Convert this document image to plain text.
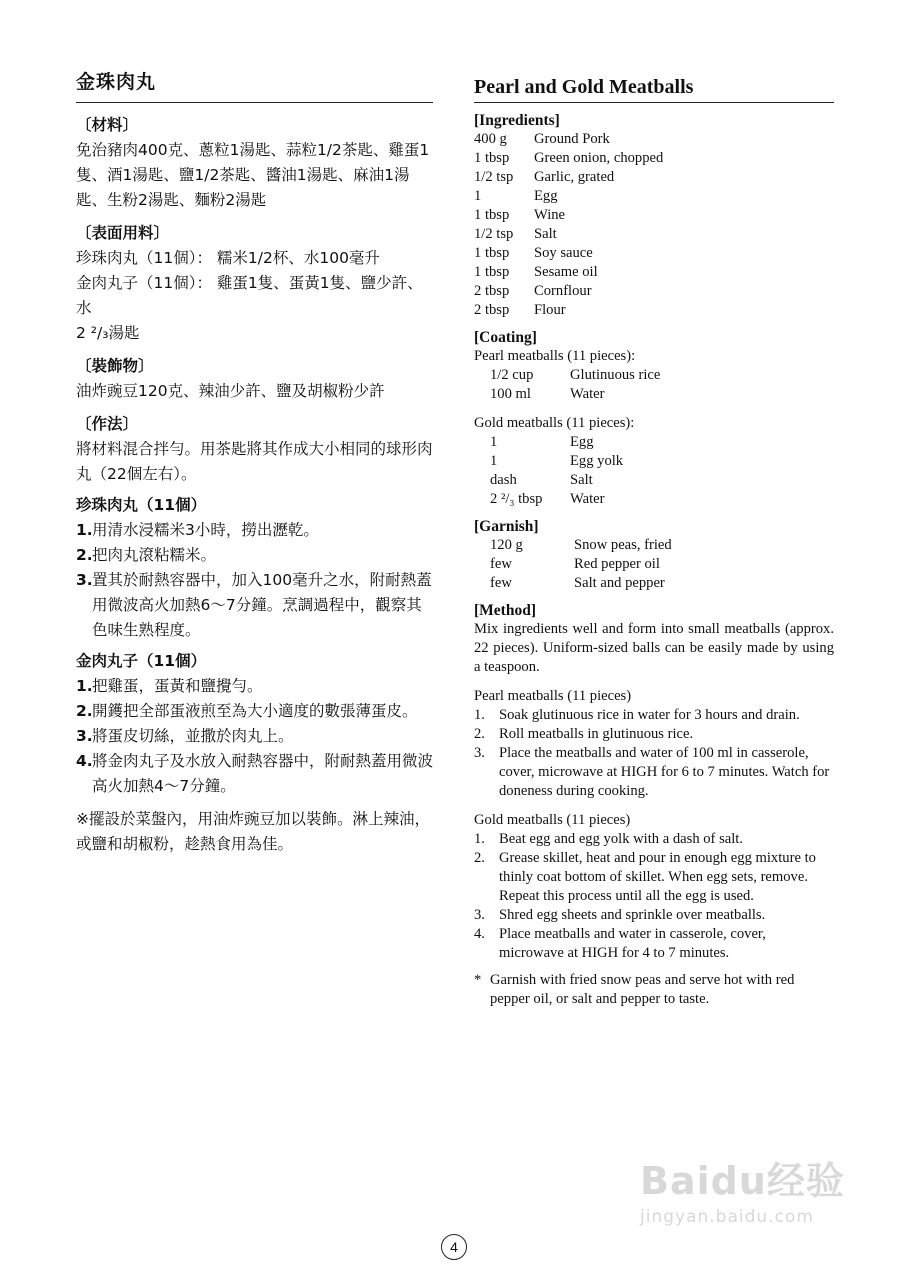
金珠肉丸
〔材料〕

免治豬肉400克、蔥粒1湯匙、蒜粒1/2茶匙、雞蛋1隻、酒1湯匙、鹽1/2茶匙、醬油1湯匙、麻油1湯匙、生粉2湯匙、麵粉2湯匙

〔表面用料〕
珍珠肉丸（11個）： 糯米1/2杯、水100毫升
金肉丸子（11個）： 雞蛋1隻、蛋黃1隻、鹽少許、水
2 ²/₃湯匙
〔裝飾物〕
油炸豌豆120克、辣油少許、鹽及胡椒粉少許
〔作法〕

將材料混合拌勻。用茶匙將其作成大小相同的球形肉丸（22個左右）。

珍珠肉丸（11個）
1. 用清水浸糯米3小時，撈出瀝乾。
2. 把肉丸滾粘糯米。
3. 置其於耐熱容器中，加入100毫升之水，附耐熱蓋用微波高火加熱6～7分鐘。烹調過程中，觀察其色味生熟程度。
金肉丸子（11個）
1. 把雞蛋，蛋黃和鹽攪勻。
2. 開鑊把全部蛋液煎至為大小適度的數張薄蛋皮。
3. 將蛋皮切絲，並撒於肉丸上。
4. 將金肉丸子及水放入耐熱容器中，附耐熱蓋用微波高火加熱4～7分鐘。
※擺設於菜盤內，用油炸豌豆加以裝飾。淋上辣油，或鹽和胡椒粉，趁熱食用為佳。
Pearl and Gold Meatballs
[Ingredients]
400 g	Ground Pork
1 tbsp	Green onion, chopped
1/2 tsp	Garlic, grated
1	Egg
1 tbsp	Wine
1/2 tsp	Salt
1 tbsp	Soy sauce
1 tbsp	Sesame oil
2 tbsp	Cornflour
2 tbsp	Flour
[Coating]
Pearl meatballs (11 pieces):
1/2 cup	Glutinuous rice
100 ml	Water
Gold meatballs (11 pieces):
1	Egg
1	Egg yolk
dash	Salt
2 ²/₃ tbsp	Water
[Garnish]
120 g	Snow peas, fried
few	Red pepper oil
few	Salt and pepper
[Method]

Mix ingredients well and form into small meatballs (approx. 22 pieces). Uniform-sized balls can be easily made by using a teaspoon.

Pearl meatballs (11 pieces)
1. Soak glutinuous rice in water for 3 hours and drain.
2. Roll meatballs in glutinuous rice.
3. Place the meatballs and water of 100 ml in casserole, cover, microwave at HIGH for 6 to 7 minutes. Watch for doneness during cooking.
Gold meatballs (11 pieces)
1. Beat egg and egg yolk with a dash of salt.
2. Grease skillet, heat and pour in enough egg mixture to thinly coat bottom of skillet. When egg sets, remove. Repeat this process until all the egg is used.
3. Shred egg sheets and sprinkle over meatballs.
4. Place meatballs and water in casserole, cover, microwave at HIGH for 4 to 7 minutes.
* Garnish with fried snow peas and serve hot with red pepper oil, or salt and pepper to taste.
Baidu经验
jingyan.baidu.com
4
